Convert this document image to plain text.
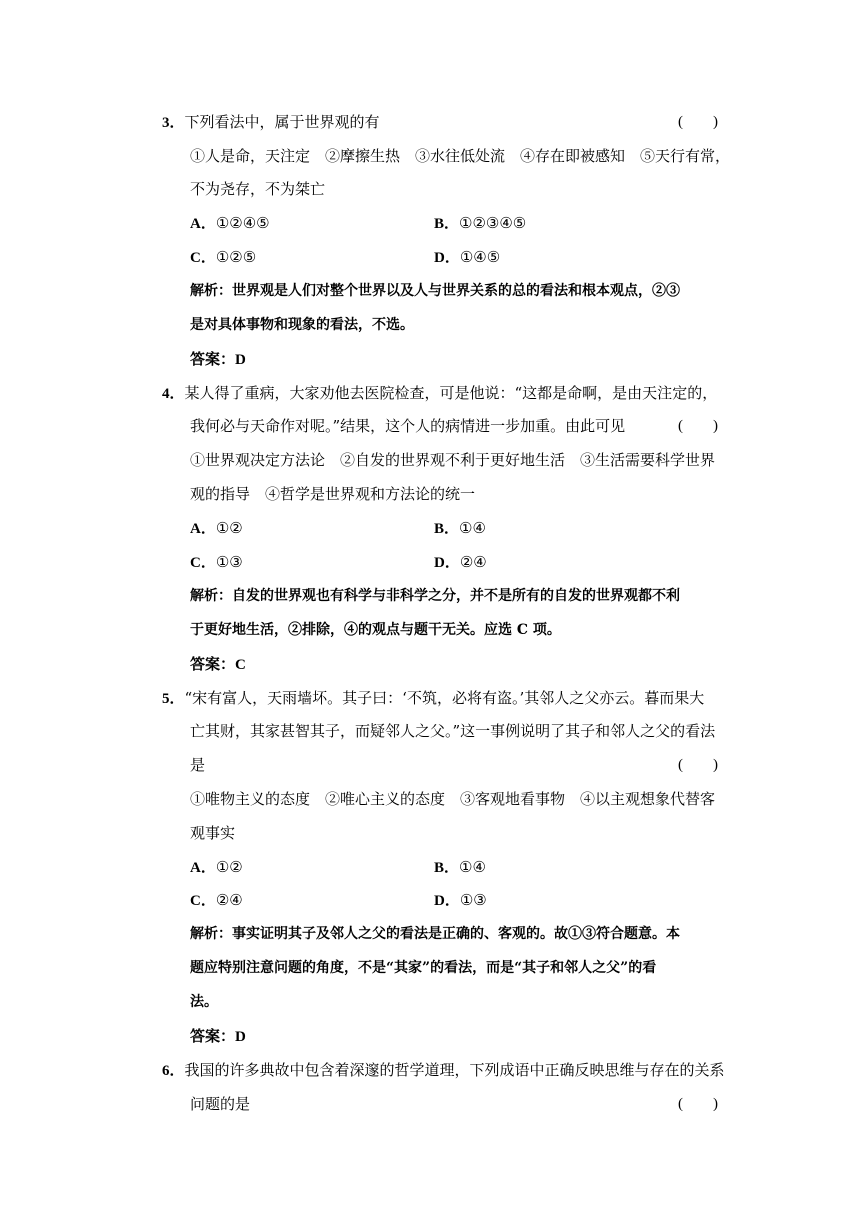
3．下列看法中，属于世界观的有	(　　)
①人是命，天注定　②摩擦生热　③水往低处流　④存在即被感知　⑤天行有常，
不为尧存，不为桀亡
A．①②④⑤	B．①②③④⑤
C．①②⑤	D．①④⑤
解析：世界观是人们对整个世界以及人与世界关系的总的看法和根本观点，②③
是对具体事物和现象的看法，不选。
答案：D
4．某人得了重病，大家劝他去医院检查，可是他说：“这都是命啊，是由天注定的，
我何必与天命作对呢。”结果，这个人的病情进一步加重。由此可见	(　　)
①世界观决定方法论　②自发的世界观不利于更好地生活　③生活需要科学世界
观的指导　④哲学是世界观和方法论的统一
A．①②	B．①④
C．①③	D．②④
解析：自发的世界观也有科学与非科学之分，并不是所有的自发的世界观都不利
于更好地生活，②排除，④的观点与题干无关。应选 C 项。
答案：C
5．“宋有富人，天雨墙坏。其子曰：‘不筑，必将有盗。’其邻人之父亦云。暮而果大
亡其财，其家甚智其子，而疑邻人之父。”这一事例说明了其子和邻人之父的看法
是	(　　)
①唯物主义的态度　②唯心主义的态度　③客观地看事物　④以主观想象代替客
观事实
A．①②	B．①④
C．②④	D．①③
解析：事实证明其子及邻人之父的看法是正确的、客观的。故①③符合题意。本
题应特别注意问题的角度，不是“其家”的看法，而是“其子和邻人之父”的看
法。
答案：D
6．我国的许多典故中包含着深邃的哲学道理，下列成语中正确反映思维与存在的关系
问题的是	(　　)
